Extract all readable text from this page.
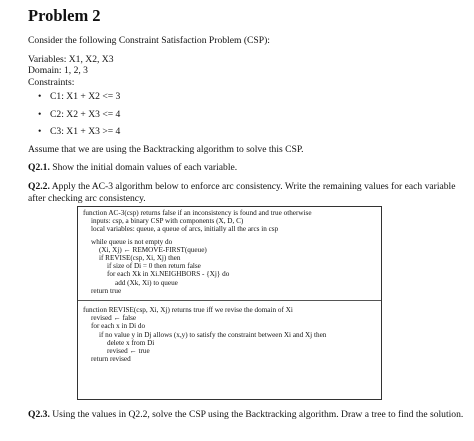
Problem 2

Consider the following Constraint Satisfaction Problem (CSP):

Variables: X1, X2, X3

Domain: 1, 2, 3

Constraints:

• C1: X1 + X2 <= 3
• C2: X2 + X3 <= 4
• C3: X1 + X3 >= 4

Assume that we are using the Backtracking algorithm to solve this CSP.

Q2.1. Show the initial domain values of each variable.

Q2.2. Apply the AC-3 algorithm below to enforce arc consistency. Write the remaining values for each variable after checking arc consistency.

function AC-3(csp) returns false if an inconsistency is found and true otherwise
inputs: csp, a binary CSP with components (X, D, C)
local variables: queue, a queue of arcs, initially all the arcs in csp
while queue is not empty do
(Xi, Xj) ← REMOVE-FIRST(queue)
if REVISE(csp, Xi, Xj) then
if size of Di = 0 then return false
for each Xk in Xi.NEIGHBORS - {Xj} do
add (Xk, Xi) to queue
return true
function REVISE(csp, Xi, Xj) returns true iff we revise the domain of Xi
revised ← false
for each x in Di do
if no value y in Dj allows (x,y) to satisfy the constraint between Xi and Xj then
delete x from Di
revised ← true
return revised

Q2.3. Using the values in Q2.2, solve the CSP using the Backtracking algorithm. Draw a tree to find the solution.
